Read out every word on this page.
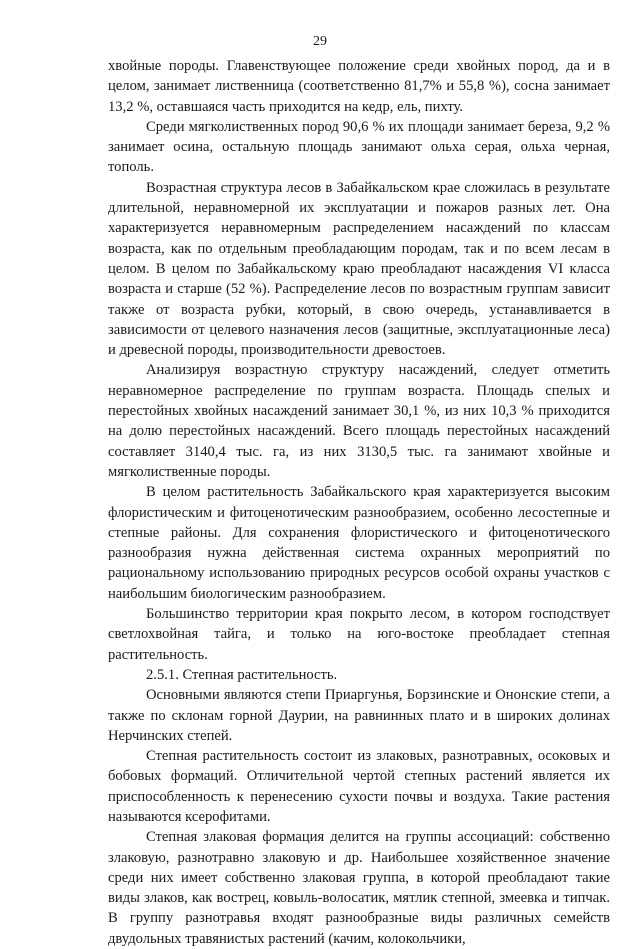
29

хвойные породы. Главенствующее положение среди хвойных пород, да и в целом, занимает лиственница (соответственно 81,7% и 55,8 %), сосна занимает 13,2 %, оставшаяся часть приходится на кедр, ель, пихту.

Среди мягколиственных пород 90,6 % их площади занимает береза, 9,2 % занимает осина, остальную площадь занимают ольха серая, ольха черная, тополь.

Возрастная структура лесов в Забайкальском крае сложилась в результате длительной, неравномерной их эксплуатации и пожаров разных лет. Она характеризуется неравномерным распределением насаждений по классам возраста, как по отдельным преобладающим породам, так и по всем лесам в целом. В целом по Забайкальскому краю преобладают насаждения VI класса возраста и старше (52 %). Распределение лесов по возрастным группам зависит также от возраста рубки, который, в свою очередь, устанавливается в зависимости от целевого назначения лесов (защитные, эксплуатационные леса) и древесной породы, производительности древостоев.

Анализируя возрастную структуру насаждений, следует отметить неравномерное распределение по группам возраста. Площадь спелых и перестойных хвойных насаждений занимает 30,1 %, из них 10,3 % приходится на долю перестойных насаждений. Всего площадь перестойных насаждений составляет 3140,4 тыс. га, из них 3130,5 тыс. га занимают хвойные и мягколиственные породы.

В целом растительность Забайкальского края характеризуется высоким флористическим и фитоценотическим разнообразием, особенно лесостепные и степные районы. Для сохранения флористического и фитоценотического разнообразия нужна действенная система охранных мероприятий по рациональному использованию природных ресурсов особой охраны участков с наибольшим биологическим разнообразием.

Большинство территории края покрыто лесом, в котором господствует светлохвойная тайга, и только на юго-востоке преобладает степная растительность.

2.5.1. Степная растительность.

Основными являются степи Приаргунья, Борзинские и Ононские степи, а также по склонам горной Даурии, на равнинных плато и в широких долинах Нерчинских степей.

Степная растительность состоит из злаковых, разнотравных, осоковых и бобовых формаций. Отличительной чертой степных растений является их приспособленность к перенесению сухости почвы и воздуха. Такие растения называются ксерофитами.

Степная злаковая формация делится на группы ассоциаций: собственно злаковую, разнотравно злаковую и др. Наибольшее хозяйственное значение среди них имеет собственно злаковая группа, в которой преобладают такие виды злаков, как вострец, ковыль-волосатик, мятлик степной, змеевка и типчак. В группу разнотравья входят разнообразные виды различных семейств двудольных травянистых растений (качим, колокольчики,
